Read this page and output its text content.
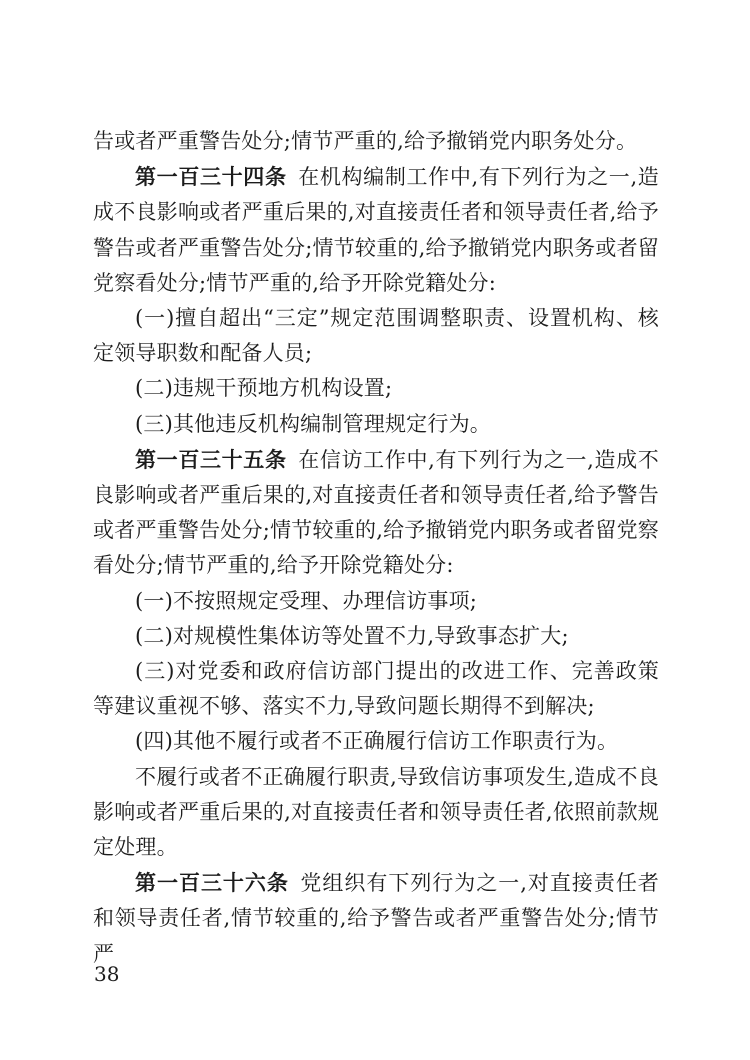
告或者严重警告处分;情节严重的,给予撤销党内职务处分。

第一百三十四条 在机构编制工作中,有下列行为之一,造成不良影响或者严重后果的,对直接责任者和领导责任者,给予警告或者严重警告处分;情节较重的,给予撤销党内职务或者留党察看处分;情节严重的,给予开除党籍处分:

(一)擅自超出“三定”规定范围调整职责、设置机构、核定领导职数和配备人员;

(二)违规干预地方机构设置;

(三)其他违反机构编制管理规定行为。

第一百三十五条 在信访工作中,有下列行为之一,造成不良影响或者严重后果的,对直接责任者和领导责任者,给予警告或者严重警告处分;情节较重的,给予撤销党内职务或者留党察看处分;情节严重的,给予开除党籍处分:

(一)不按照规定受理、办理信访事项;

(二)对规模性集体访等处置不力,导致事态扩大;

(三)对党委和政府信访部门提出的改进工作、完善政策等建议重视不够、落实不力,导致问题长期得不到解决;

(四)其他不履行或者不正确履行信访工作职责行为。

不履行或者不正确履行职责,导致信访事项发生,造成不良影响或者严重后果的,对直接责任者和领导责任者,依照前款规定处理。

第一百三十六条 党组织有下列行为之一,对直接责任者和领导责任者,情节较重的,给予警告或者严重警告处分;情节严

38
